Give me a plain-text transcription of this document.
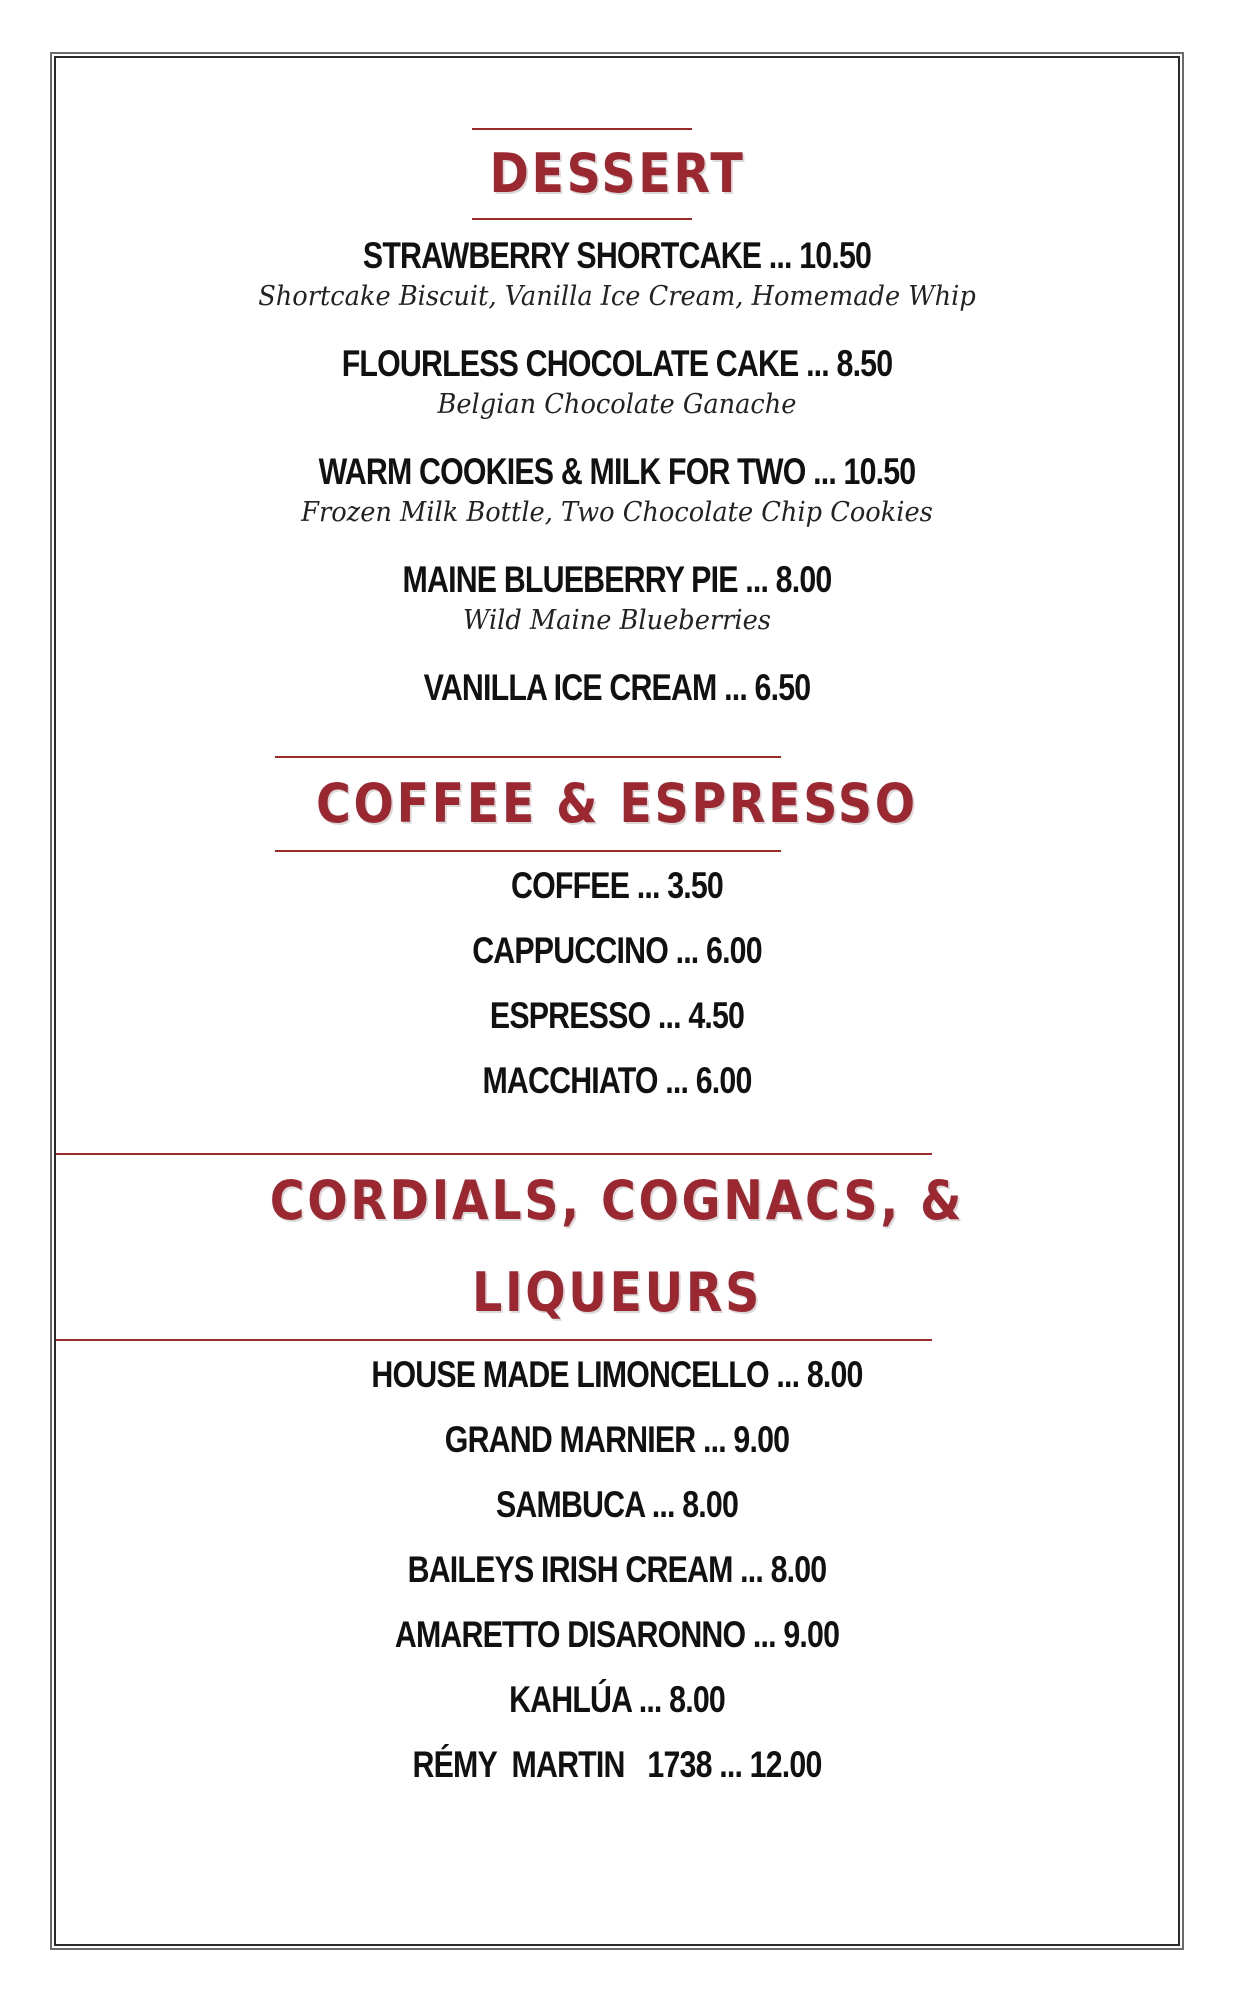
DESSERT

STRAWBERRY SHORTCAKE ... 10.50

Shortcake Biscuit, Vanilla Ice Cream, Homemade Whip

FLOURLESS CHOCOLATE CAKE ... 8.50

Belgian Chocolate Ganache

WARM COOKIES & MILK FOR TWO ... 10.50

Frozen Milk Bottle, Two Chocolate Chip Cookies

MAINE BLUEBERRY PIE ... 8.00

Wild Maine Blueberries

VANILLA ICE CREAM ... 6.50

COFFEE & ESPRESSO

COFFEE ... 3.50

CAPPUCCINO ... 6.00

ESPRESSO ... 4.50

MACCHIATO ... 6.00

CORDIALS, COGNACS, & LIQUEURS

HOUSE MADE LIMONCELLO ... 8.00

GRAND MARNIER ... 9.00

SAMBUCA ... 8.00

BAILEYS IRISH CREAM ... 8.00

AMARETTO DISARONNO ... 9.00

KAHLÚA ... 8.00

RÉMY  MARTIN   1738 ... 12.00
